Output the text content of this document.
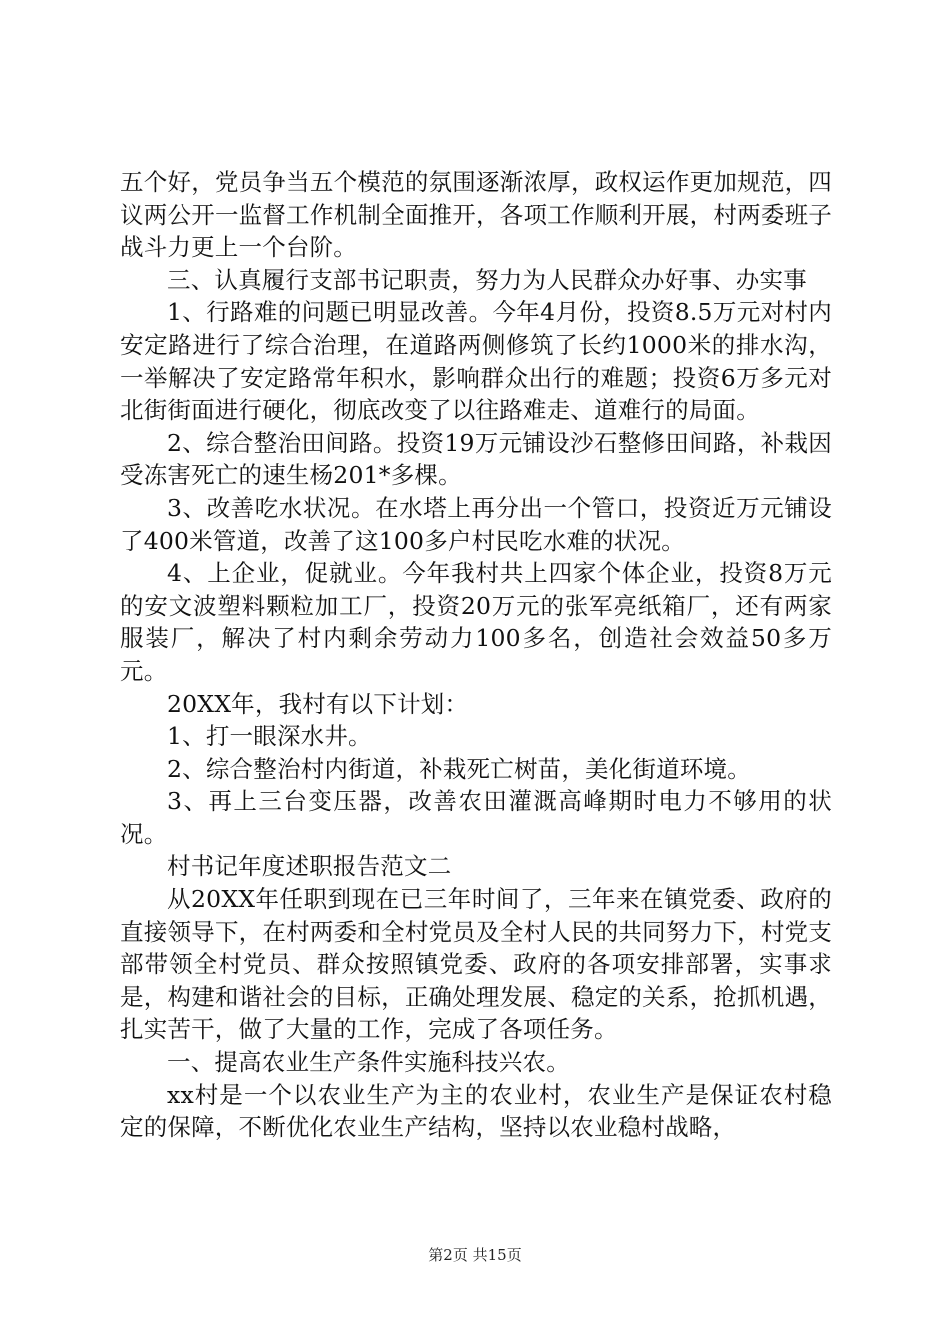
五个好，党员争当五个模范的氛围逐渐浓厚，政权运作更加规范，四议两公开一监督工作机制全面推开，各项工作顺利开展，村两委班子战斗力更上一个台阶。

三、认真履行支部书记职责，努力为人民群众办好事、办实事

1、行路难的问题已明显改善。今年4月份，投资8.5万元对村内安定路进行了综合治理，在道路两侧修筑了长约1000米的排水沟，一举解决了安定路常年积水，影响群众出行的难题；投资6万多元对北街街面进行硬化，彻底改变了以往路难走、道难行的局面。

2、综合整治田间路。投资19万元铺设沙石整修田间路，补栽因受冻害死亡的速生杨201*多棵。

3、改善吃水状况。在水塔上再分出一个管口，投资近万元铺设了400米管道，改善了这100多户村民吃水难的状况。

4、上企业，促就业。今年我村共上四家个体企业，投资8万元的安文波塑料颗粒加工厂，投资20万元的张军亮纸箱厂，还有两家服装厂，解决了村内剩余劳动力100多名，创造社会效益50多万元。

20XX年，我村有以下计划：

1、打一眼深水井。

2、综合整治村内街道，补栽死亡树苗，美化街道环境。

3、再上三台变压器，改善农田灌溉高峰期时电力不够用的状况。

村书记年度述职报告范文二

从20XX年任职到现在已三年时间了，三年来在镇党委、政府的直接领导下，在村两委和全村党员及全村人民的共同努力下，村党支部带领全村党员、群众按照镇党委、政府的各项安排部署，实事求是，构建和谐社会的目标，正确处理发展、稳定的关系，抢抓机遇，扎实苦干，做了大量的工作，完成了各项任务。

一、提高农业生产条件实施科技兴农。

xx村是一个以农业生产为主的农业村，农业生产是保证农村稳定的保障，不断优化农业生产结构，坚持以农业稳村战略，

第2页 共15页
